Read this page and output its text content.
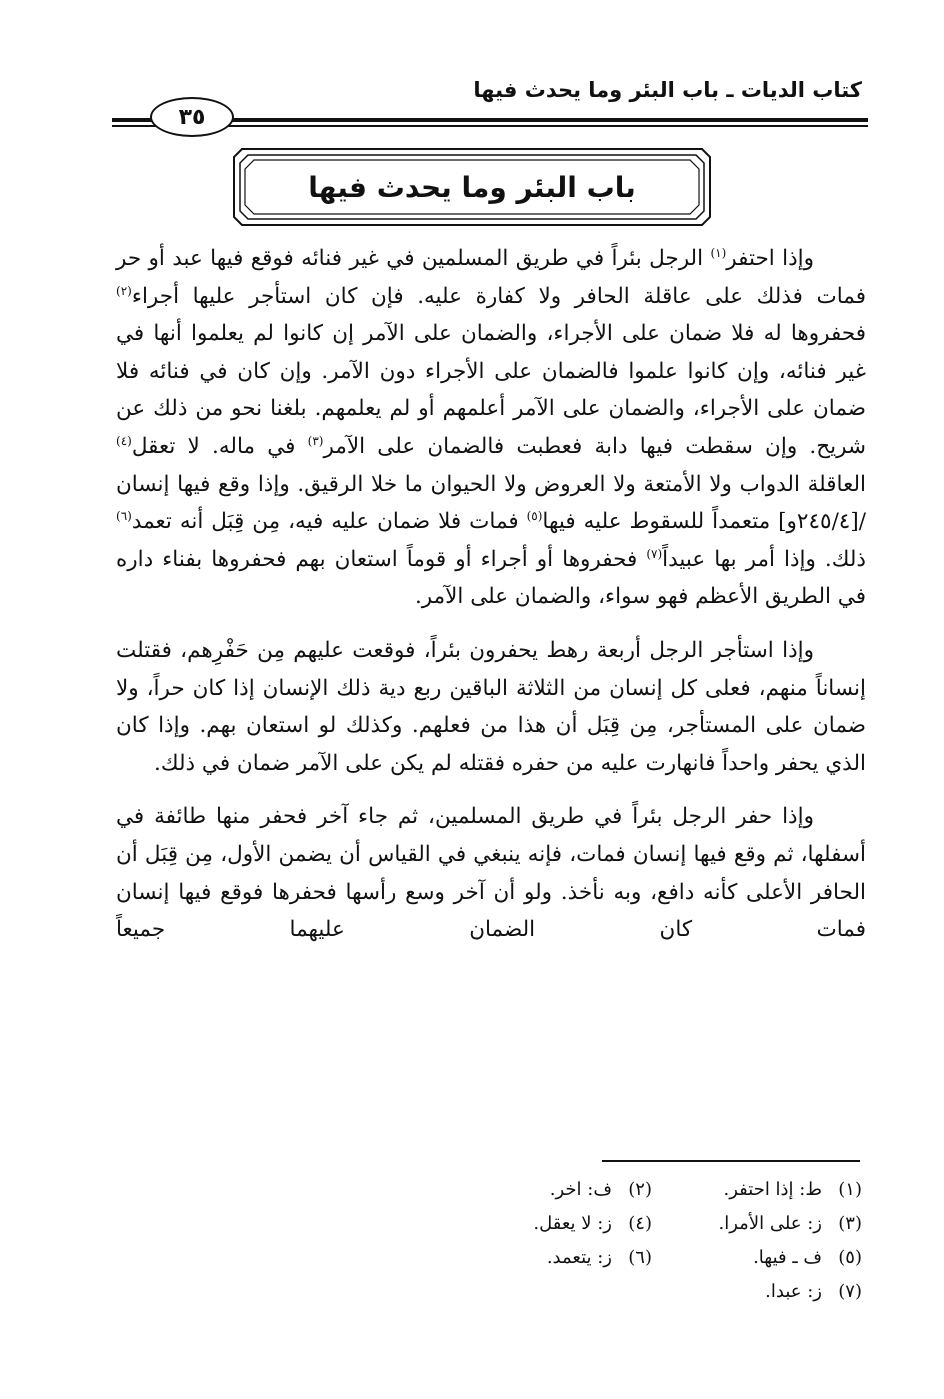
كتاب الديات ـ باب البئر وما يحدث فيها
٣٥
باب البئر وما يحدث فيها

وإذا احتفر$^{(١)}$ الرجل بئراً في طريق المسلمين في غير فنائه فوقع فيها عبد أو حر فمات فذلك على عاقلة الحافر ولا كفارة عليه. فإن كان استأجر عليها أجراء$^{(٢)}$ فحفروها له فلا ضمان على الأجراء، والضمان على الآمر إن كانوا لم يعلموا أنها في غير فنائه، وإن كانوا علموا فالضمان على الأجراء دون الآمر. وإن كان في فنائه فلا ضمان على الأجراء، والضمان على الآمر أعلمهم أو لم يعلمهم. بلغنا نحو من ذلك عن شريح. وإن سقطت فيها دابة فعطبت فالضمان على الآمر$^{(٣)}$ في ماله. لا تعقل$^{(٤)}$ العاقلة الدواب ولا الأمتعة ولا العروض ولا الحيوان ما خلا الرقيق. وإذا وقع فيها إنسان /[٢٤٥/٤و] متعمداً للسقوط عليه فيها$^{(٥)}$ فمات فلا ضمان عليه فيه، مِن قِبَل أنه تعمد$^{(٦)}$ ذلك. وإذا أمر بها عبيداً$^{(٧)}$ فحفروها أو أجراء أو قوماً استعان بهم فحفروها بفناء داره في الطريق الأعظم فهو سواء، والضمان على الآمر.

وإذا استأجر الرجل أربعة رهط يحفرون بئراً، فوقعت عليهم مِن حَفْرِهم، فقتلت إنساناً منهم، فعلى كل إنسان من الثلاثة الباقين ربع دية ذلك الإنسان إذا كان حراً، ولا ضمان على المستأجر، مِن قِبَل أن هذا من فعلهم. وكذلك لو استعان بهم. وإذا كان الذي يحفر واحداً فانهارت عليه من حفره فقتله لم يكن على الآمر ضمان في ذلك.

وإذا حفر الرجل بئراً في طريق المسلمين، ثم جاء آخر فحفر منها طائفة في أسفلها، ثم وقع فيها إنسان فمات، فإنه ينبغي في القياس أن يضمن الأول، مِن قِبَل أن الحافر الأعلى كأنه دافع، وبه نأخذ. ولو أن آخر وسع رأسها فحفرها فوقع فيها إنسان فمات كان الضمان عليهما جميعاً

(١)ط: إذا احتفر.
(٢)ف: اخر.
(٣)ز: على الأمرا.
(٤)ز: لا يعقل.
(٥)ف ـ فيها.
(٦)ز: يتعمد.
(٧)ز: عبدا.
